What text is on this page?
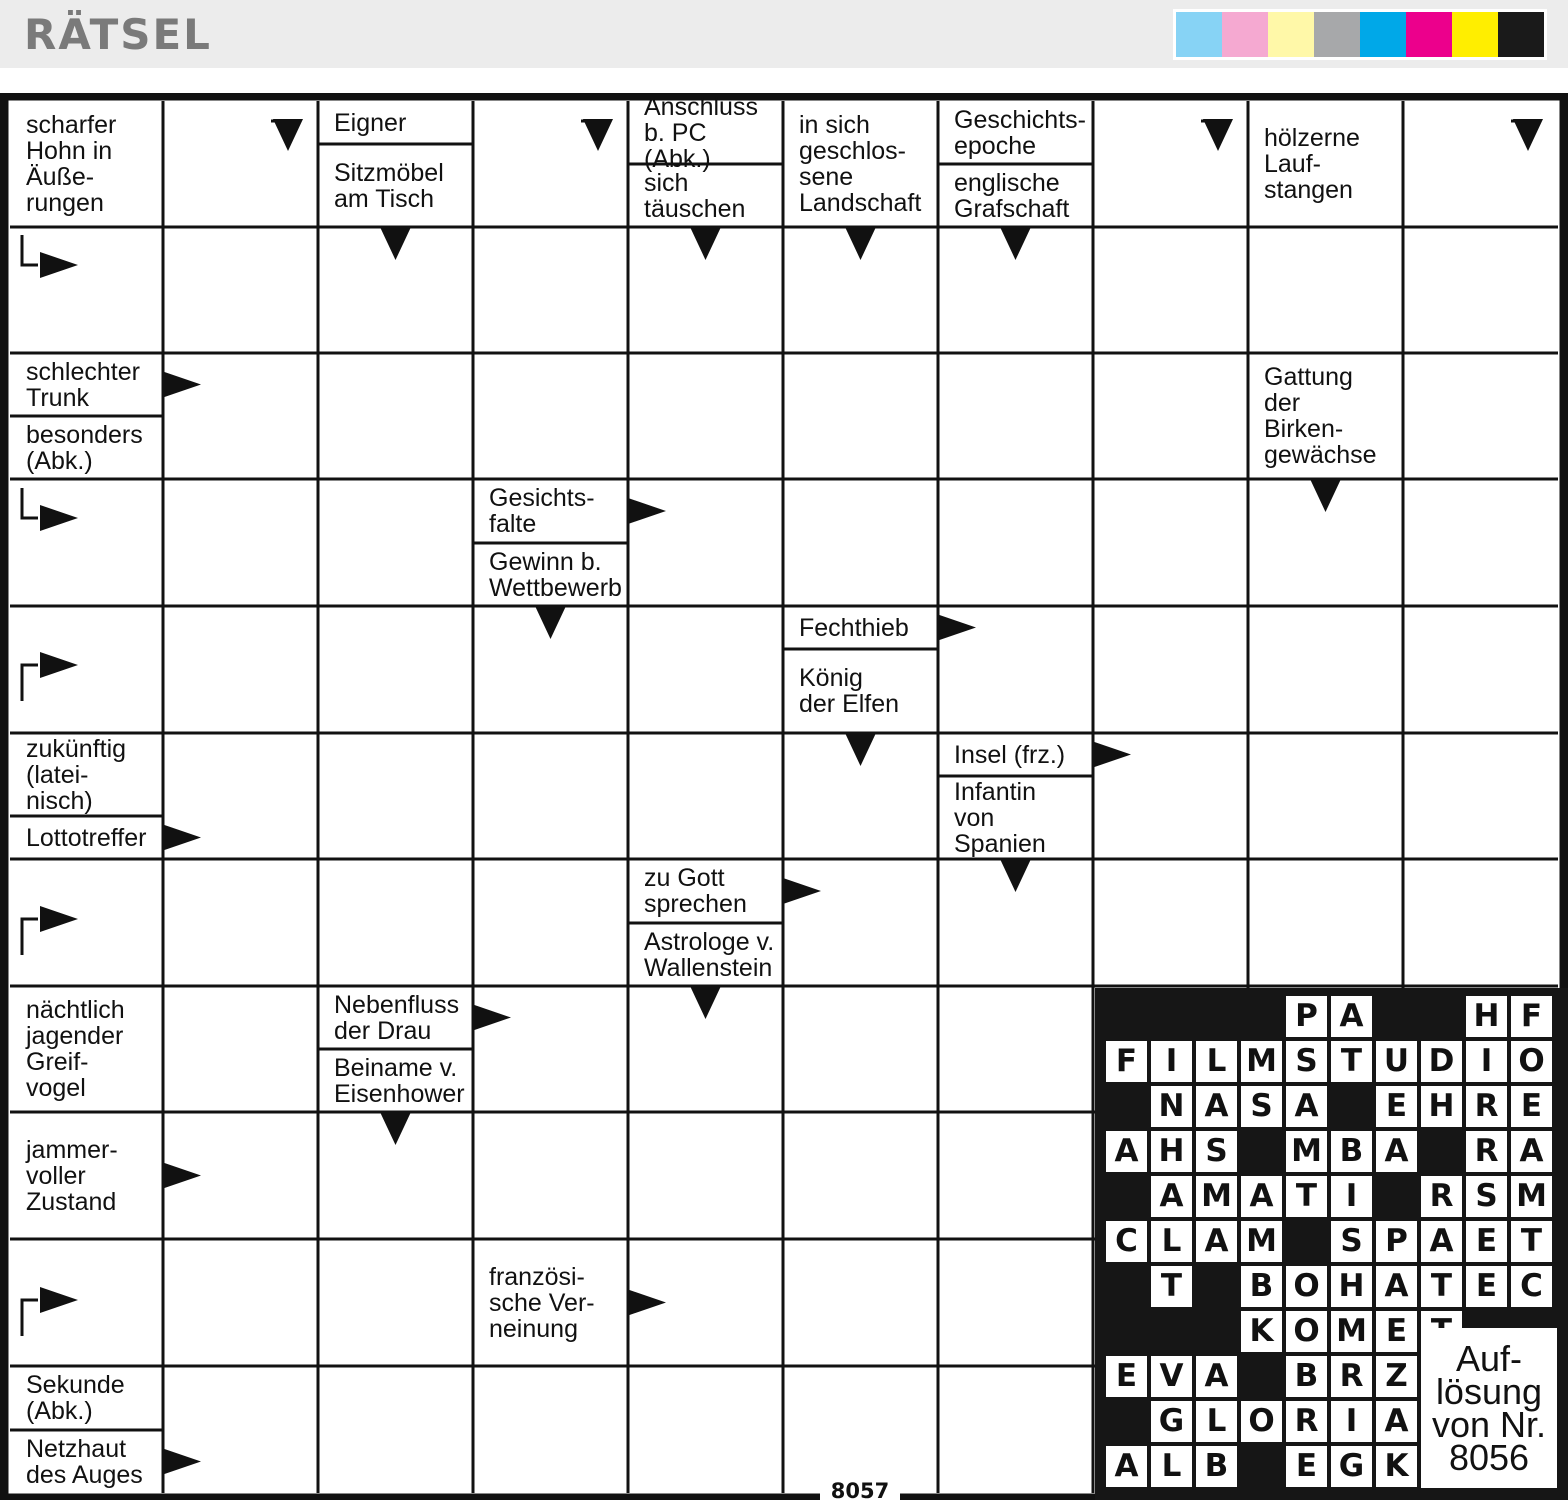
RÄTSEL
scharfer
Hohn in
Äuße-
rungen
Eigner
Sitzmöbel
am Tisch
Anschluss
b. PC (Abk.)
sich
täuschen
in sich
geschlos-
sene
Landschaft
Geschichts-
epoche
englische
Grafschaft
hölzerne
Lauf-
stangen
schlechter
Trunk
besonders
(Abk.)
Gattung
der
Birken-
gewächse
Gesichts-
falte
Gewinn b.
Wettbewerb
Fechthieb
König
der Elfen
zukünftig
(latei-
nisch)
Lottotreffer
Insel (frz.)
Infantin
von
Spanien
zu Gott
sprechen
Astrologe v.
Wallenstein
nächtlich
jagender
Greif-
vogel
Nebenfluss
der Drau
Beiname v.
Eisenhower
jammer-
voller
Zustand
französi-
sche Ver-
neinung
Sekunde
(Abk.)
Netzhaut
des Auges
P A	H F
F I L M S T U D I O
N A S A	E H R E
A H S	M B A R A
A M A T I	R S M
C L A M	S P A E T
T	B O H A T E C
K O M E
E V A B R Z
G L O R I A
A L B	E G K
Auf-
lösung
von Nr.
8056
8057
